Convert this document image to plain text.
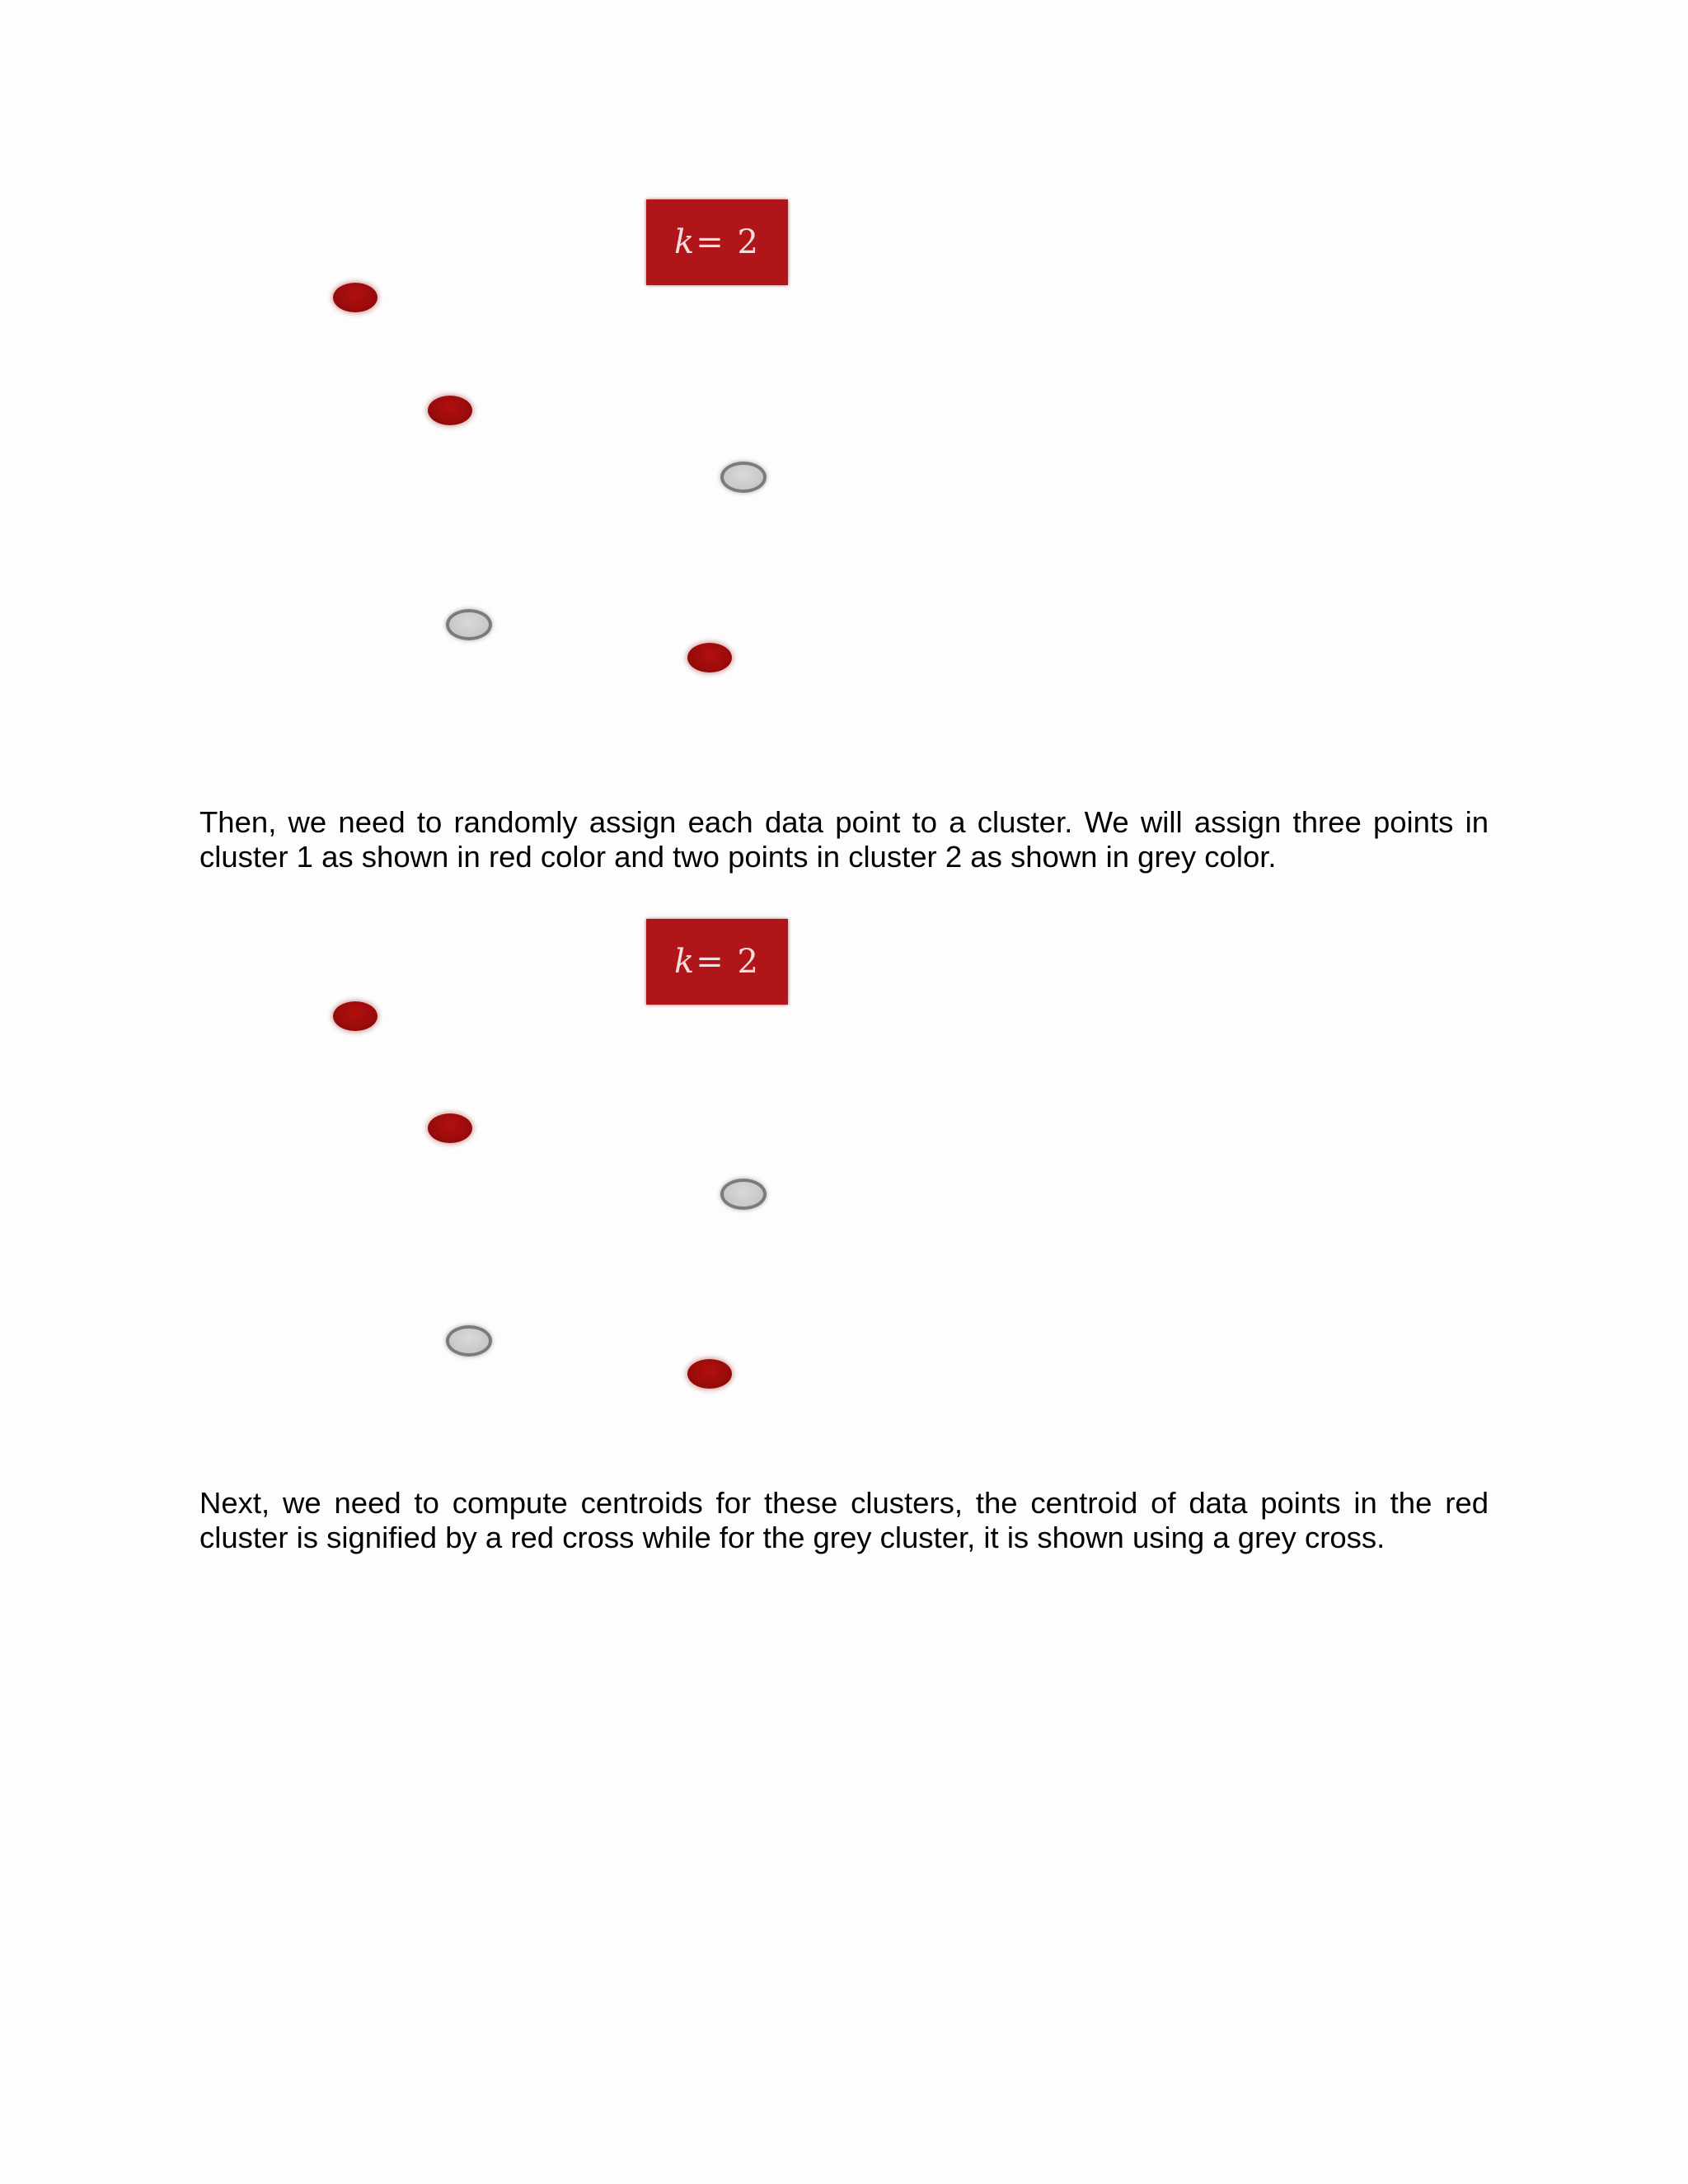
k = 2

Then, we need to randomly assign each data point to a cluster. We will assign three points in cluster 1 as shown in red color and two points in cluster 2 as shown in grey color.

k = 2

Next, we need to compute centroids for these clusters, the centroid of data points in the red cluster is signified by a red cross while for the grey cluster, it is shown using a grey cross.
